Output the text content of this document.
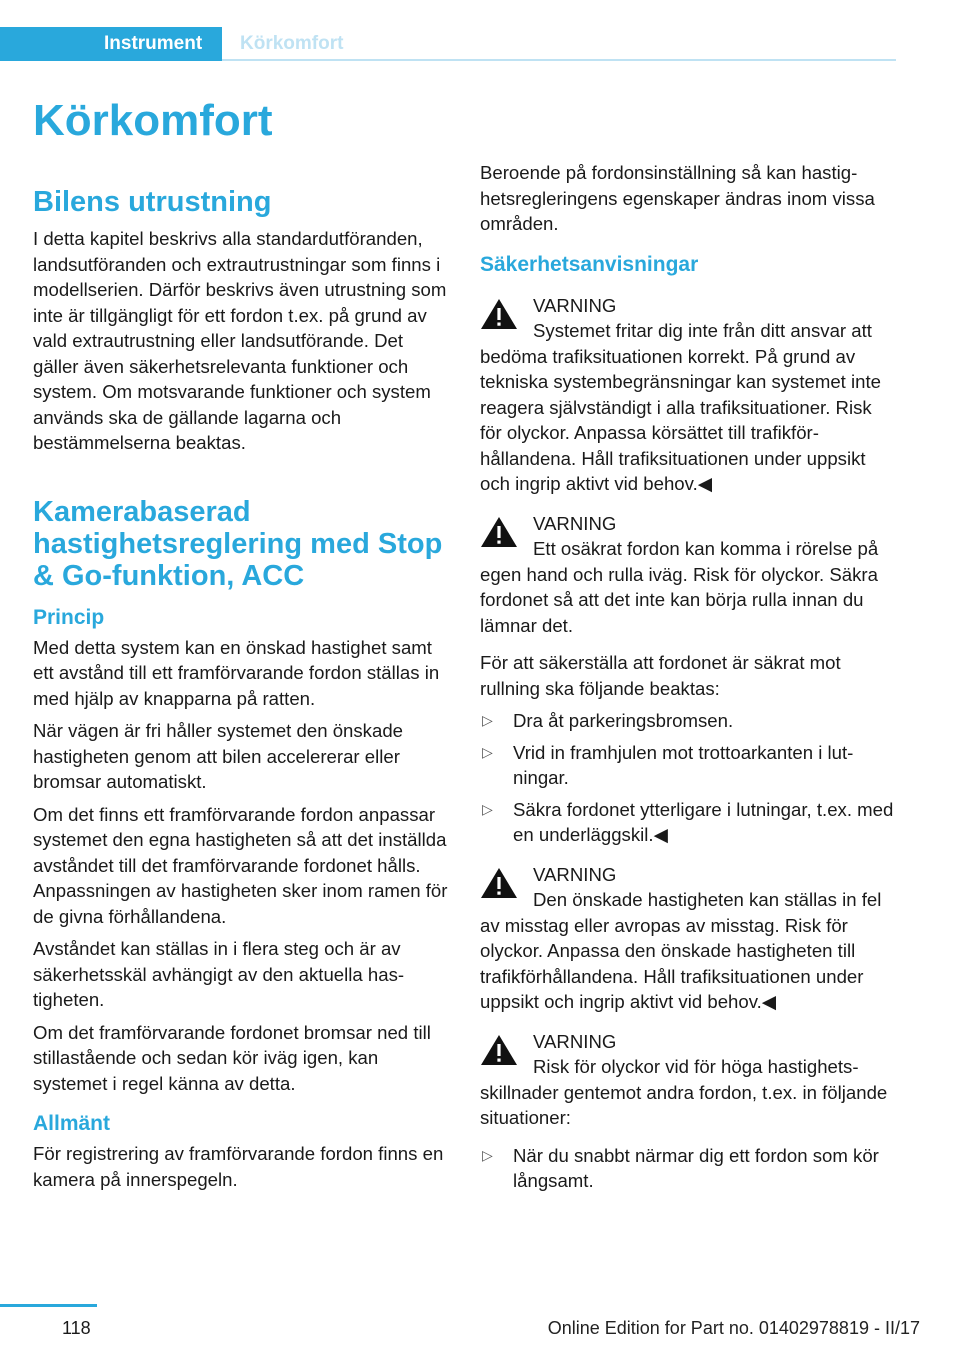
Instrument Körkomfort
Körkomfort
Bilens utrustning

I detta kapitel beskrivs alla standardutföranden, landsutföranden och extrautrustningar som finns i modellserien. Därför beskrivs även utrustning som inte är tillgängligt för ett fordon t.ex. på grund av vald extrautrustning eller landsutförande. Det gäller även säkerhetsrelevanta funktioner och system. Om motsvarande funktioner och system används ska de gällande lagarna och bestämmelserna beaktas.

Kamerabaserad hastighetsreglering med Stop & Go-funktion, ACC
Princip

Med detta system kan en önskad hastighet samt ett avstånd till ett framförvarande fordon ställas in med hjälp av knapparna på ratten.

När vägen är fri håller systemet den önskade hastigheten genom att bilen accelererar eller bromsar automatiskt.

Om det finns ett framförvarande fordon anpassar systemet den egna hastigheten så att det inställda avståndet till det framförvarande fordonet hålls. Anpassningen av hastigheten sker inom ramen för de givna förhållandena.

Avståndet kan ställas in i flera steg och är av säkerhetsskäl avhängigt av den aktuella hastigheten.

Om det framförvarande fordonet bromsar ned till stillastående och sedan kör iväg igen, kan systemet i regel känna av detta.

Allmänt

För registrering av framförvarande fordon finns en kamera på innerspegeln.

Beroende på fordonsinställning så kan hastighetsregleringens egenskaper ändras inom vissa områden.

Säkerhetsanvisningar
VARNING
Systemet fritar dig inte från ditt ansvar att bedöma trafiksituationen korrekt. På grund av tekniska systembegränsningar kan systemet inte reagera självständigt i alla trafiksituationer. Risk för olyckor. Anpassa körsättet till trafikförhållandena. Håll trafiksituationen under uppsikt och ingrip aktivt vid behov.◀
VARNING
Ett osäkrat fordon kan komma i rörelse på egen hand och rulla iväg. Risk för olyckor. Säkra fordonet så att det inte kan börja rulla innan du lämnar det.

För att säkerställa att fordonet är säkrat mot rullning ska följande beaktas:

▷ Dra åt parkeringsbromsen.
▷ Vrid in framhjulen mot trottoarkanten i lutningar.
▷ Säkra fordonet ytterligare i lutningar, t.ex. med en underläggskil.◀
VARNING
Den önskade hastigheten kan ställas in fel av misstag eller avropas av misstag. Risk för olyckor. Anpassa den önskade hastigheten till trafikförhållandena. Håll trafiksituationen under uppsikt och ingrip aktivt vid behov.◀
VARNING
Risk för olyckor vid för höga hastighetsskillnader gentemot andra fordon, t.ex. in följande situationer:
▷ När du snabbt närmar dig ett fordon som kör långsamt.
118	Online Edition for Part no. 01402978819 - II/17
